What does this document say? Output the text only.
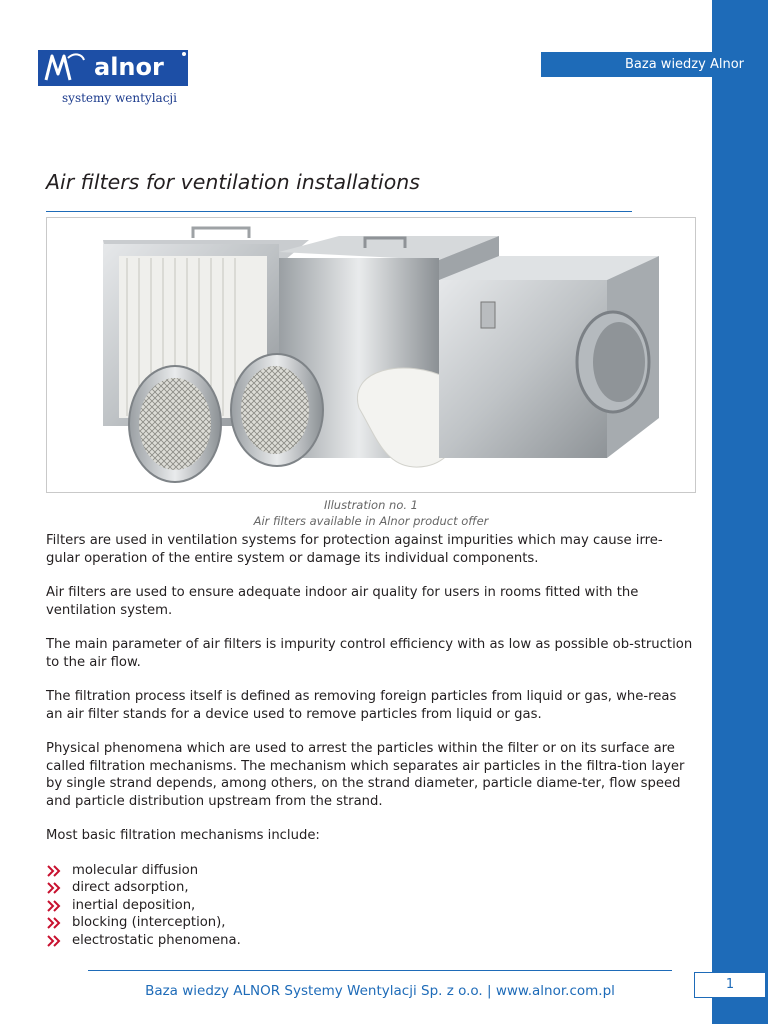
Baza wiedzy Alnor
alnor
systemy wentylacji
Air filters for ventilation installations
Illustration no. 1
Air filters available in Alnor product offer

Filters are used in ventilation systems for protection against impurities which may cause irre-gular operation of the entire system or damage its individual components.

Air filters are used to ensure adequate indoor air quality for users in rooms fitted with the ventilation system.

The main parameter of air filters is impurity control efficiency with as low as possible ob-struction to the air flow.

The filtration process itself is defined as removing foreign particles from liquid or gas, whe-reas an air filter stands for a device used to remove particles from liquid or gas.

Physical phenomena which are used to arrest the particles within the filter or on its surface are called filtration mechanisms. The mechanism which separates air particles in the filtra-tion layer by single strand depends, among others, on the strand diameter, particle diame-ter, flow speed and particle distribution upstream from the strand.

Most basic filtration mechanisms include:

molecular diffusion
direct adsorption,
inertial deposition,
blocking (interception),
electrostatic phenomena.
Baza wiedzy ALNOR Systemy Wentylacji Sp. z o.o. | www.alnor.com.pl	1
